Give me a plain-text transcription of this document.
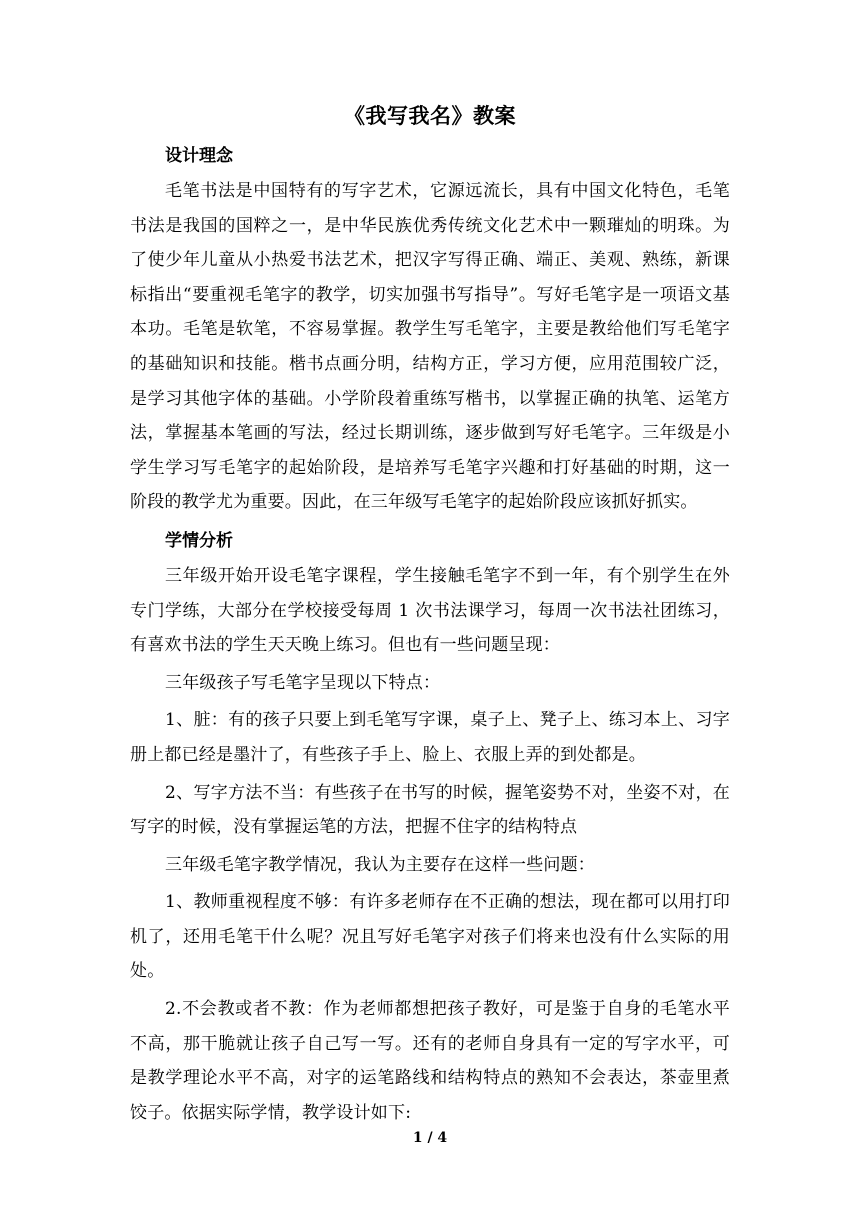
《我写我名》教案

设计理念

毛笔书法是中国特有的写字艺术，它源远流长，具有中国文化特色，毛笔书法是我国的国粹之一，是中华民族优秀传统文化艺术中一颗璀灿的明珠。为了使少年儿童从小热爱书法艺术，把汉字写得正确、端正、美观、熟练，新课标指出“要重视毛笔字的教学，切实加强书写指导”。写好毛笔字是一项语文基本功。毛笔是软笔，不容易掌握。教学生写毛笔字，主要是教给他们写毛笔字的基础知识和技能。楷书点画分明，结构方正，学习方便，应用范围较广泛，是学习其他字体的基础。小学阶段着重练写楷书，以掌握正确的执笔、运笔方法，掌握基本笔画的写法，经过长期训练，逐步做到写好毛笔字。三年级是小学生学习写毛笔字的起始阶段，是培养写毛笔字兴趣和打好基础的时期，这一阶段的教学尤为重要。因此，在三年级写毛笔字的起始阶段应该抓好抓实。

学情分析

三年级开始开设毛笔字课程，学生接触毛笔字不到一年，有个别学生在外专门学练，大部分在学校接受每周 1 次书法课学习，每周一次书法社团练习，有喜欢书法的学生天天晚上练习。但也有一些问题呈现：

三年级孩子写毛笔字呈现以下特点：

1、脏：有的孩子只要上到毛笔写字课，桌子上、凳子上、练习本上、习字册上都已经是墨汁了，有些孩子手上、脸上、衣服上弄的到处都是。

2、写字方法不当：有些孩子在书写的时候，握笔姿势不对，坐姿不对，在写字的时候，没有掌握运笔的方法，把握不住字的结构特点

三年级毛笔字教学情况，我认为主要存在这样一些问题：

1、教师重视程度不够：有许多老师存在不正确的想法，现在都可以用打印机了，还用毛笔干什么呢？况且写好毛笔字对孩子们将来也没有什么实际的用处。

2.不会教或者不教：作为老师都想把孩子教好，可是鉴于自身的毛笔水平不高，那干脆就让孩子自己写一写。还有的老师自身具有一定的写字水平，可是教学理论水平不高，对字的运笔路线和结构特点的熟知不会表达，茶壶里煮饺子。依据实际学情，教学设计如下:

1 / 4
